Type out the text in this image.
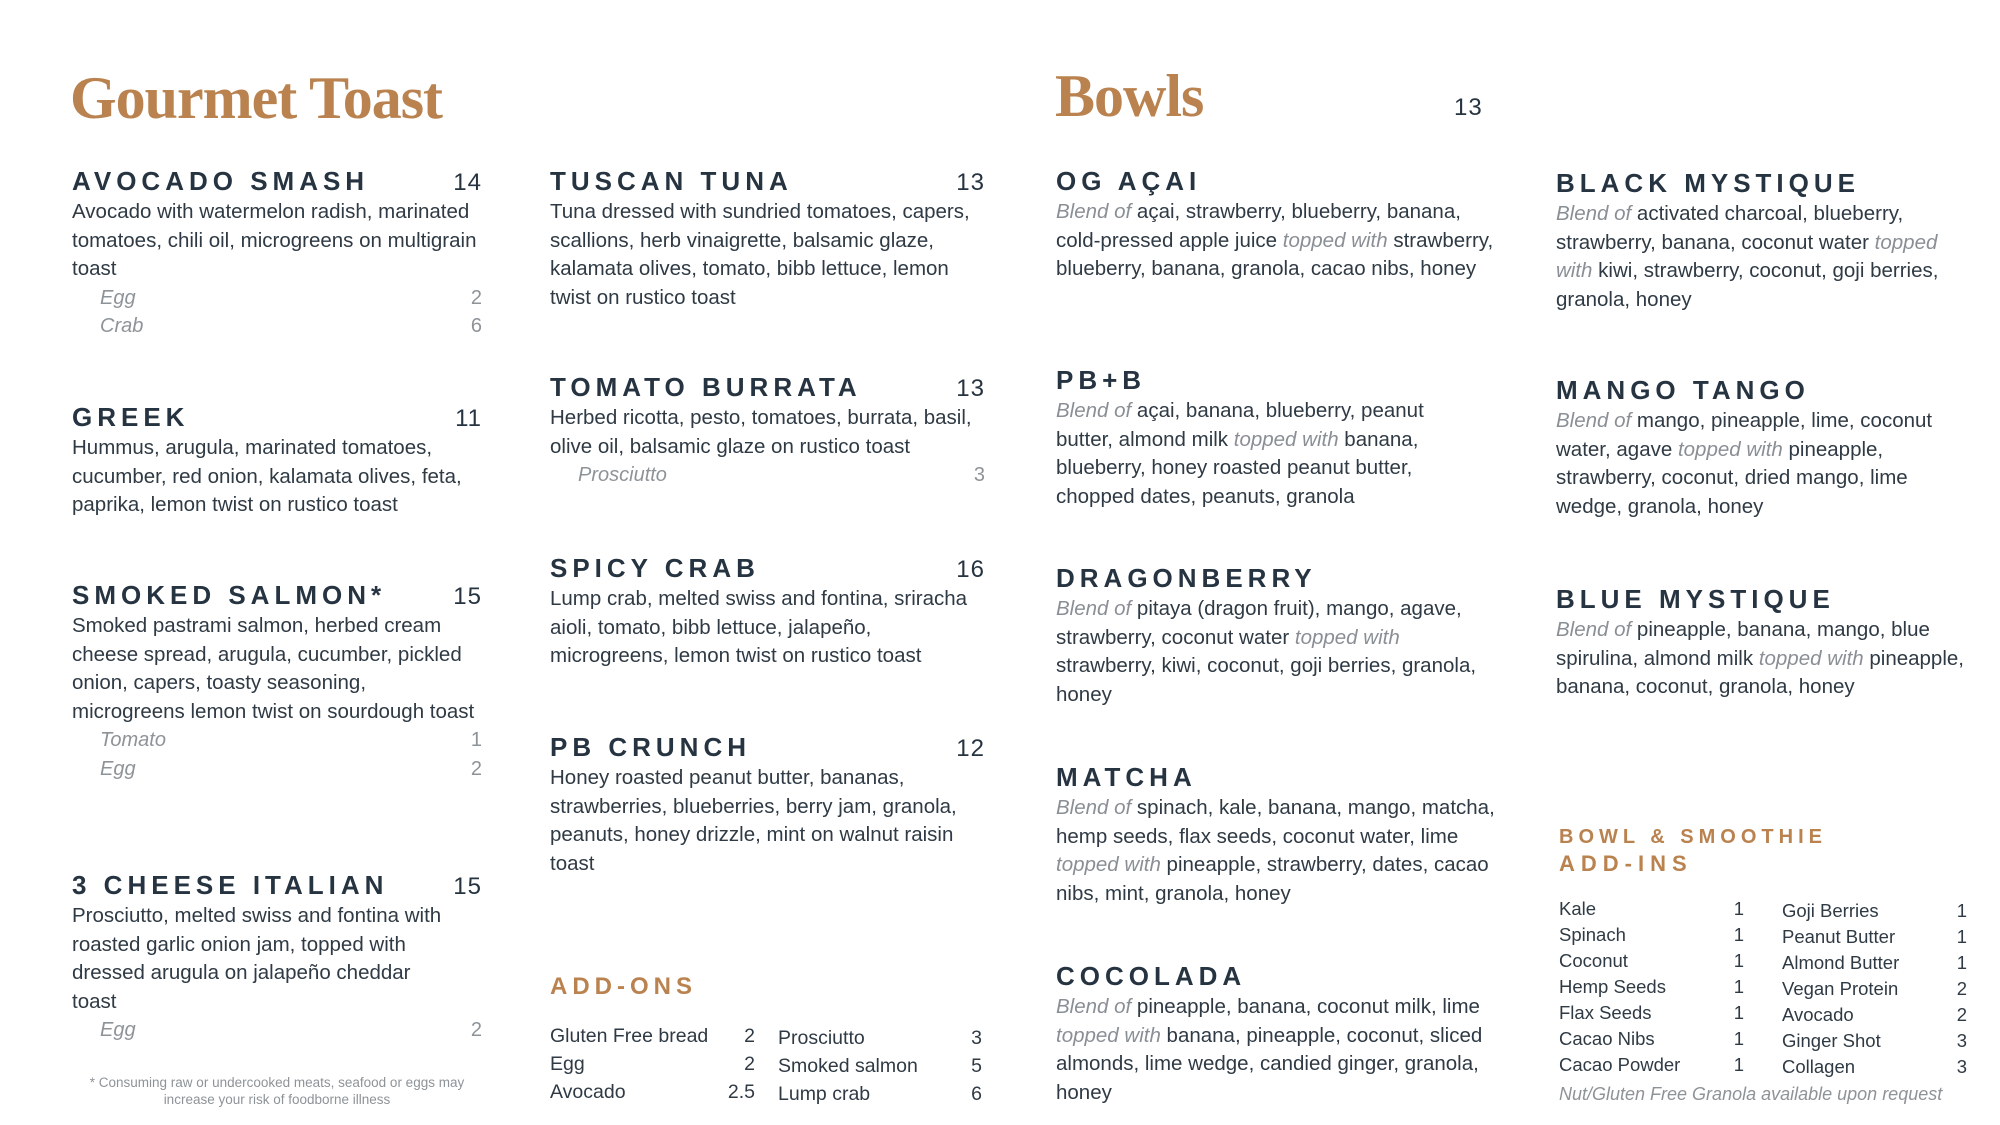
Gourmet Toast
AVOCADO SMASH	14
Avocado with watermelon radish, marinated tomatoes, chili oil, microgreens on multigrain toast
Egg	2
Crab	6
GREEK	11
Hummus, arugula, marinated tomatoes, cucumber, red onion, kalamata olives, feta, paprika, lemon twist on rustico toast
SMOKED SALMON*	15
Smoked pastrami salmon, herbed cream cheese spread, arugula, cucumber, pickled onion, capers, toasty seasoning, microgreens lemon twist on sourdough toast
Tomato	1
Egg	2
3 CHEESE ITALIAN	15
Prosciutto, melted swiss and fontina with roasted garlic onion jam, topped with dressed arugula on jalapeño cheddar toast
Egg	2
* Consuming raw or undercooked meats, seafood or eggs may increase your risk of foodborne illness
TUSCAN TUNA	13
Tuna dressed with sundried tomatoes, capers, scallions, herb vinaigrette, balsamic glaze, kalamata olives, tomato, bibb lettuce, lemon twist on rustico toast
TOMATO BURRATA	13
Herbed ricotta, pesto, tomatoes, burrata, basil, olive oil, balsamic glaze on rustico toast
Prosciutto	3
SPICY CRAB	16
Lump crab, melted swiss and fontina, sriracha aioli, tomato, bibb lettuce, jalapeño, microgreens, lemon twist on rustico toast
PB CRUNCH	12
Honey roasted peanut butter, bananas, strawberries, blueberries, berry jam, granola, peanuts, honey drizzle, mint on walnut raisin toast
ADD-ONS
Gluten Free bread 2
Egg	2
Avocado	2.5
Prosciutto	3
Smoked salmon	5
Lump crab	6
Bowls	13
OG AÇAI
Blend of açai, strawberry, blueberry, banana, cold-pressed apple juice topped with strawberry, blueberry, banana, granola, cacao nibs, honey
PB+B
Blend of açai, banana, blueberry, peanut butter, almond milk topped with banana, blueberry, honey roasted peanut butter, chopped dates, peanuts, granola
DRAGONBERRY
Blend of pitaya (dragon fruit), mango, agave, strawberry, coconut water topped with strawberry, kiwi, coconut, goji berries, granola, honey
MATCHA
Blend of spinach, kale, banana, mango, matcha, hemp seeds, flax seeds, coconut water, lime topped with pineapple, strawberry, dates, cacao nibs, mint, granola, honey
COCOLADA
Blend of pineapple, banana, coconut milk, lime topped with banana, pineapple, coconut, sliced almonds, lime wedge, candied ginger, granola, honey
BLACK MYSTIQUE
Blend of activated charcoal, blueberry, strawberry, banana, coconut water topped with kiwi, strawberry, coconut, goji berries, granola, honey
MANGO TANGO
Blend of mango, pineapple, lime, coconut water, agave topped with pineapple, strawberry, coconut, dried mango, lime wedge, granola, honey
BLUE MYSTIQUE
Blend of pineapple, banana, mango, blue spirulina, almond milk topped with pineapple, banana, coconut, granola, honey
BOWL & SMOOTHIE
ADD-INS
Kale	1
Spinach	1
Coconut	1
Hemp Seeds	1
Flax Seeds	1
Cacao Nibs	1
Cacao Powder	1
Goji Berries	1
Peanut Butter	1
Almond Butter	1
Vegan Protein	2
Avocado	2
Ginger Shot	3
Collagen	3
Nut/Gluten Free Granola available upon request
